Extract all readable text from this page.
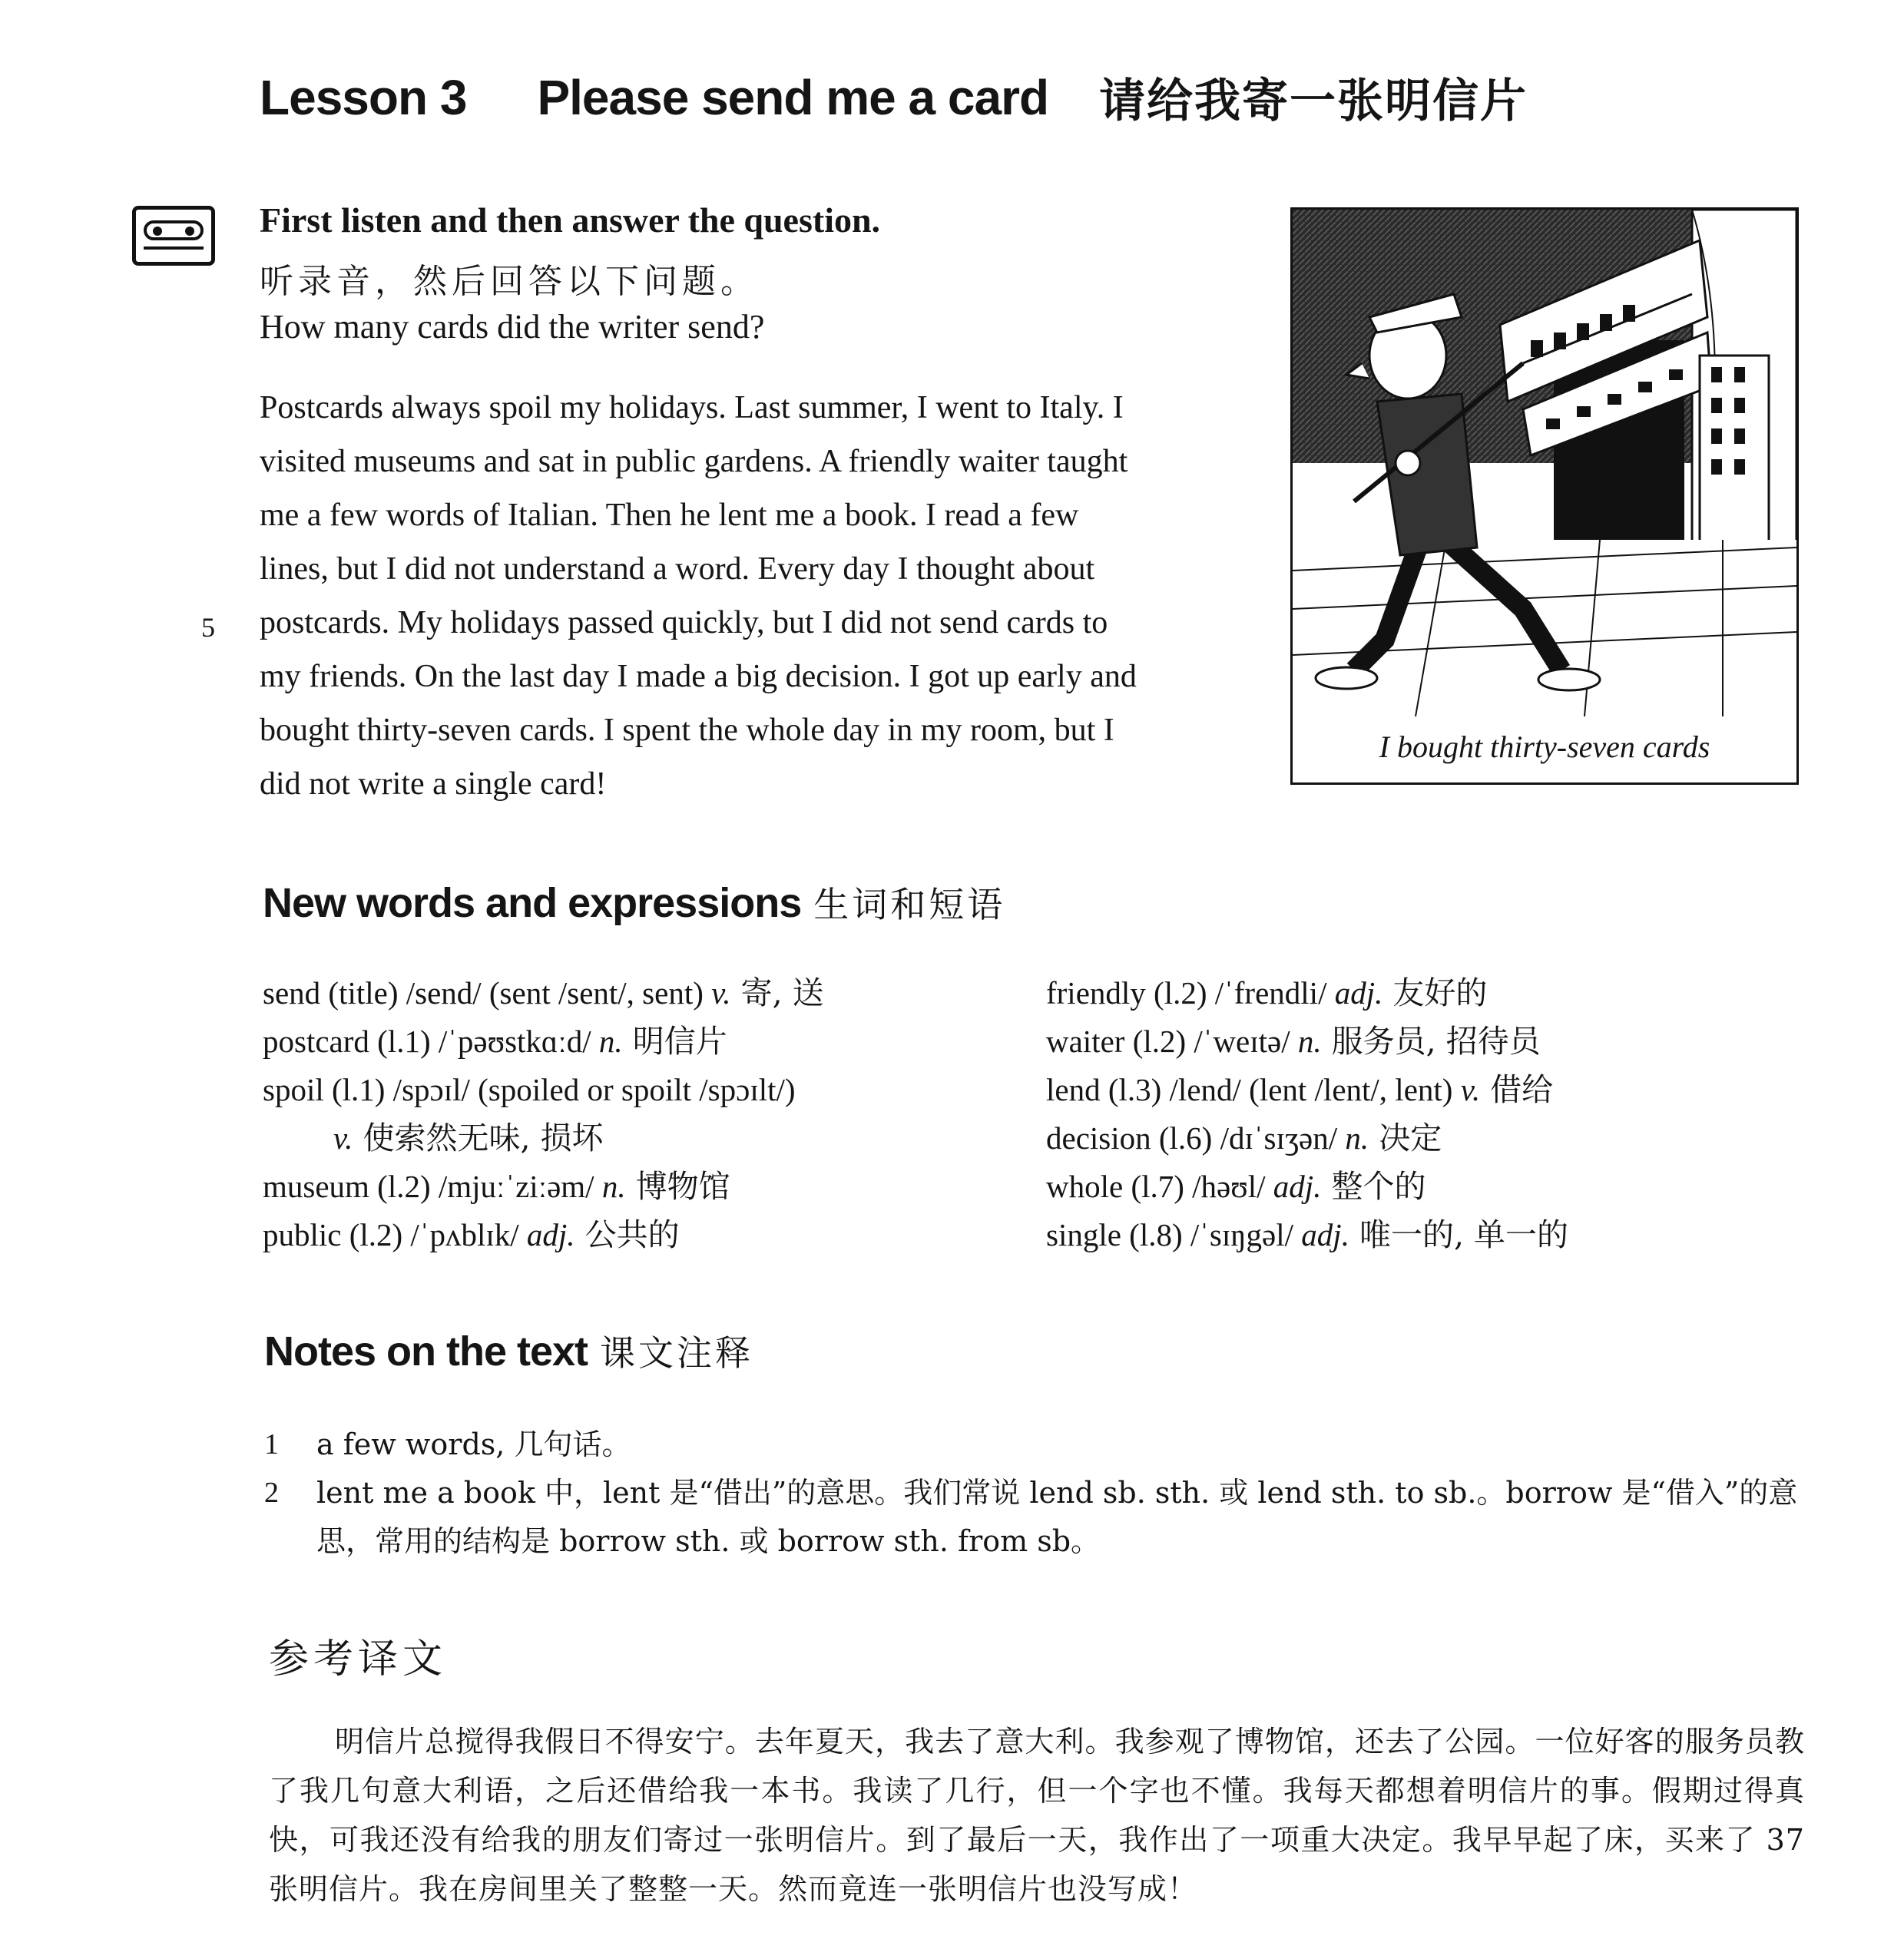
Lesson 3 Please send me a card 请给我寄一张明信片
First listen and then answer the question.
听录音，然后回答以下问题。
How many cards did the writer send?
Postcards always spoil my holidays. Last summer, I went to Italy. I
visited museums and sat in public gardens. A friendly waiter taught
me a few words of Italian. Then he lent me a book. I read a few
lines, but I did not understand a word. Every day I thought about
postcards. My holidays passed quickly, but I did not send cards to
my friends. On the last day I made a big decision. I got up early and
bought thirty-seven cards. I spent the whole day in my room, but I
did not write a single card!
5
I bought thirty-seven cards
New words and expressions 生词和短语
send (title) /send/ (sent /sent/, sent) v. 寄, 送
postcard (l.1) /ˈpəʊstkɑːd/ n. 明信片
spoil (l.1) /spɔɪl/ (spoiled or spoilt /spɔɪlt/)
v. 使索然无味, 损坏
museum (l.2) /mjuːˈziːəm/ n. 博物馆
public (l.2) /ˈpʌblɪk/ adj. 公共的
friendly (l.2) /ˈfrendli/ adj. 友好的
waiter (l.2) /ˈweɪtə/ n. 服务员, 招待员
lend (l.3) /lend/ (lent /lent/, lent) v. 借给
decision (l.6) /dɪˈsɪʒən/ n. 决定
whole (l.7) /həʊl/ adj. 整个的
single (l.8) /ˈsɪŋgəl/ adj. 唯一的, 单一的
Notes on the text 课文注释
1 a few words, 几句话。
2 lent me a book 中，lent 是“借出”的意思。我们常说 lend sb. sth. 或 lend sth. to sb.。borrow 是“借入”的意思，常用的结构是 borrow sth. 或 borrow sth. from sb。
参考译文
明信片总搅得我假日不得安宁。去年夏天，我去了意大利。我参观了博物馆，还去了公园。一位好客的服务员教了我几句意大利语，之后还借给我一本书。我读了几行，但一个字也不懂。我每天都想着明信片的事。假期过得真快，可我还没有给我的朋友们寄过一张明信片。到了最后一天，我作出了一项重大决定。我早早起了床，买来了 37 张明信片。我在房间里关了整整一天。然而竟连一张明信片也没写成！
